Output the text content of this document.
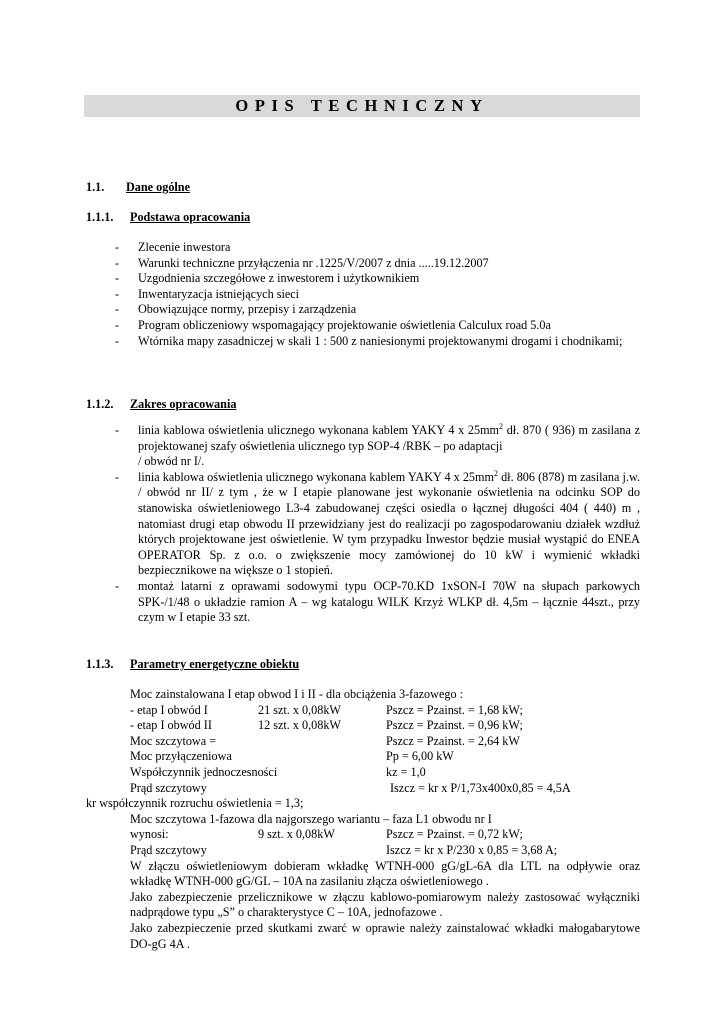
OPIS TECHNICZNY
1.1. Dane ogólne
1.1.1. Podstawa opracowania
- Zlecenie inwestora
- Warunki techniczne przyłączenia nr .1225/V/2007 z dnia .....19.12.2007
- Uzgodnienia szczegółowe z inwestorem i użytkownikiem
- Inwentaryzacja istniejących sieci
- Obowiązujące normy, przepisy i zarządzenia
- Program obliczeniowy wspomagający projektowanie oświetlenia Calculux road 5.0a
- Wtórnika mapy zasadniczej w skali 1 : 500 z naniesionymi projektowanymi drogami i chodnikami;
1.1.2. Zakres opracowania
- linia kablowa oświetlenia ulicznego wykonana kablem YAKY 4 x $25mm^2$ dł. 870 ( 936) m zasilana z projektowanej szafy oświetlenia ulicznego typ SOP-4 /RBK – po adaptacji
/ obwód nr I/.
- linia kablowa oświetlenia ulicznego wykonana kablem YAKY 4 x $25mm^2$ dł. 806 (878) m zasilana j.w. / obwód nr II/ z tym , że w I etapie planowane jest wykonanie oświetlenia na odcinku SOP do stanowiska oświetleniowego L3-4 zabudowanej części osiedla o łącznej długości 404 ( 440) m , natomiast drugi etap obwodu II przewidziany jest do realizacji po zagospodarowaniu działek wzdłuż których projektowane jest oświetlenie. W tym przypadku Inwestor będzie musiał wystąpić do ENEA OPERATOR Sp. z o.o. o zwiększenie mocy zamówionej do 10 kW i wymienić wkładki bezpiecznikowe na większe o 1 stopień.
- montaż latarni z oprawami sodowymi typu OCP-70.KD 1xSON-I 70W na słupach parkowych SPK-/1/48 o układzie ramion A – wg katalogu WILK Krzyż WLKP dł. 4,5m – łącznie 44szt., przy czym w I etapie 33 szt.
1.1.3. Parametry energetyczne obiektu
Moc zainstalowana I etap obwod I i II - dla obciążenia 3-fazowego :
- etap I obwód I	21 szt. x 0,08kW	Pszcz = Pzainst. = 1,68 kW;
- etap I obwód II	12 szt. x 0,08kW	Pszcz = Pzainst. = 0,96 kW;
Moc szczytowa =	Pszcz = Pzainst. = 2,64 kW
Moc przyłączeniowa	Pp = 6,00 kW
Współczynnik jednoczesności	kz = 1,0
Prąd szczytowy	Iszcz = kr x P/1,73x400x0,85 = 4,5A
kr współczynnik rozruchu oświetlenia = 1,3;
Moc szczytowa 1-fazowa dla najgorszego wariantu – faza L1 obwodu nr I
wynosi:	9 szt. x 0,08kW	Pszcz = Pzainst. = 0,72 kW;
Prąd szczytowy	Iszcz = kr x P/230 x 0,85 = 3,68 A;
W złączu oświetleniowym dobieram wkładkę WTNH-000 gG/gL-6A dla LTL na odpływie oraz wkładkę WTNH-000 gG/GL – 10A na zasilaniu złącza oświetleniowego .
Jako zabezpieczenie przelicznikowe w złączu kablowo-pomiarowym należy zastosować wyłączniki nadprądowe typu „S” o charakterystyce C – 10A, jednofazowe .
Jako zabezpieczenie przed skutkami zwarć w oprawie należy zainstalować wkładki małogabarytowe DO-gG 4A .
